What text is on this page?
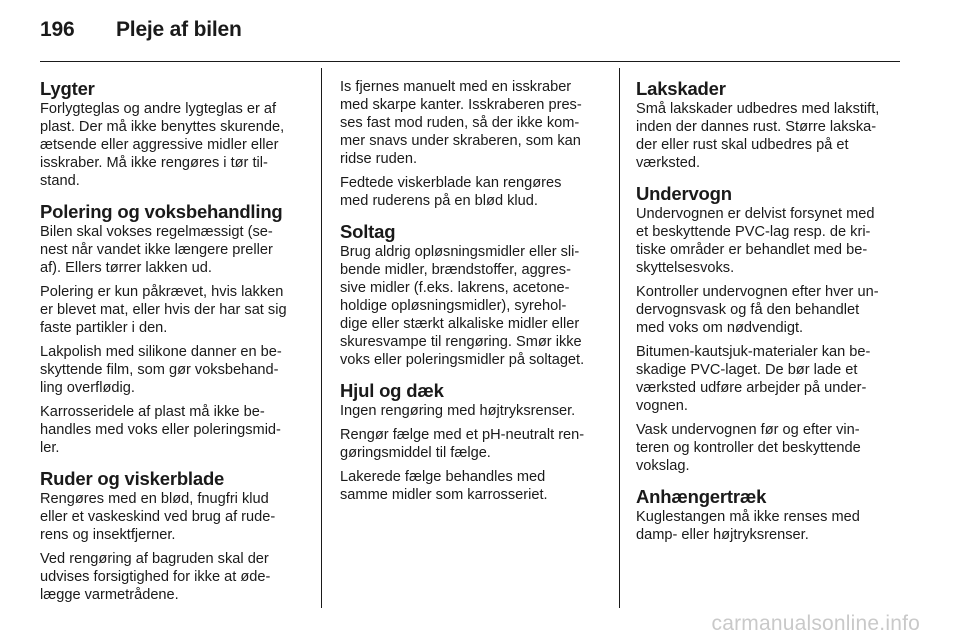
196 Pleje af bilen
Lygter

Forlygteglas og andre lygteglas er af
plast. Der må ikke benyttes skurende,
ætsende eller aggressive midler eller
isskraber. Må ikke rengøres i tør til-
stand.

Polering og voksbehandling

Bilen skal vokses regelmæssigt (se-
nest når vandet ikke længere preller
af). Ellers tørrer lakken ud.

Polering er kun påkrævet, hvis lakken
er blevet mat, eller hvis der har sat sig
faste partikler i den.

Lakpolish med silikone danner en be-
skyttende film, som gør voksbehand-
ling overflødig.

Karrosseridele af plast må ikke be-
handles med voks eller poleringsmid-
ler.

Ruder og viskerblade

Rengøres med en blød, fnugfri klud
eller et vaskeskind ved brug af rude-
rens og insektfjerner.

Ved rengøring af bagruden skal der
udvises forsigtighed for ikke at øde-
lægge varmetrådene.

Is fjernes manuelt med en isskraber
med skarpe kanter. Isskraberen pres-
ses fast mod ruden, så der ikke kom-
mer snavs under skraberen, som kan
ridse ruden.

Fedtede viskerblade kan rengøres
med ruderens på en blød klud.

Soltag

Brug aldrig opløsningsmidler eller sli-
bende midler, brændstoffer, aggres-
sive midler (f.eks. lakrens, acetone-
holdige opløsningsmidler), syrehol-
dige eller stærkt alkaliske midler eller
skuresvampe til rengøring. Smør ikke
voks eller poleringsmidler på soltaget.

Hjul og dæk

Ingen rengøring med højtryksrenser.

Rengør fælge med et pH-neutralt ren-
gøringsmiddel til fælge.

Lakerede fælge behandles med
samme midler som karrosseriet.

Lakskader

Små lakskader udbedres med lakstift,
inden der dannes rust. Større lakska-
der eller rust skal udbedres på et
værksted.

Undervogn

Undervognen er delvist forsynet med
et beskyttende PVC-lag resp. de kri-
tiske områder er behandlet med be-
skyttelsesvoks.

Kontroller undervognen efter hver un-
dervognsvask og få den behandlet
med voks om nødvendigt.

Bitumen-kautsjuk-materialer kan be-
skadige PVC-laget. De bør lade et
værksted udføre arbejder på under-
vognen.

Vask undervognen før og efter vin-
teren og kontroller det beskyttende
vokslag.

Anhængertræk

Kuglestangen må ikke renses med
damp- eller højtryksrenser.

carmanualsonline.info
